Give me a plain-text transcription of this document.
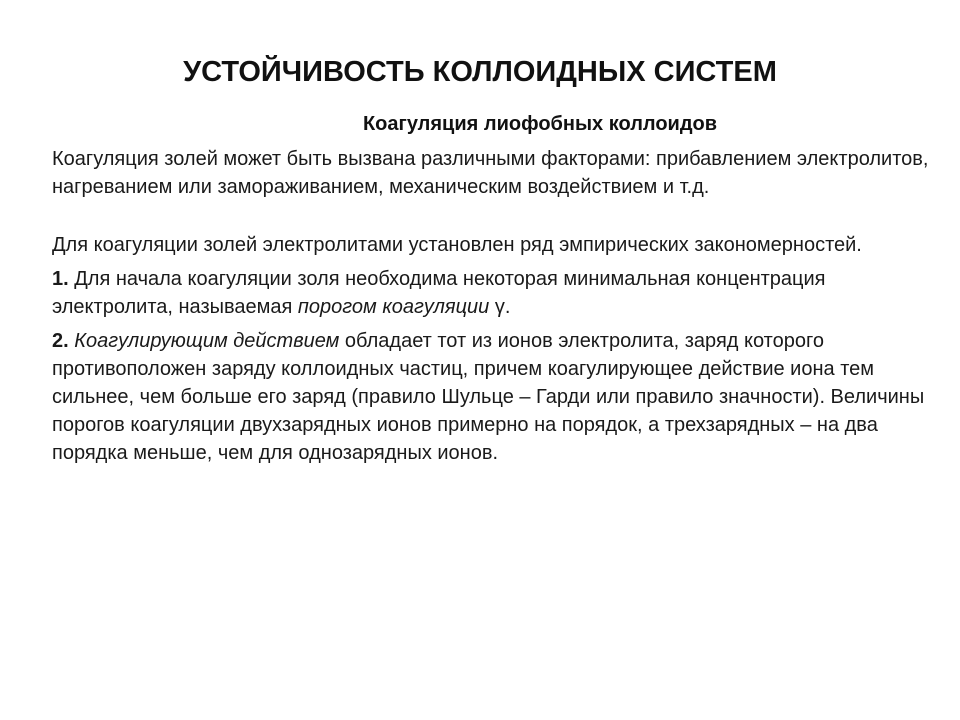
УСТОЙЧИВОСТЬ КОЛЛОИДНЫХ СИСТЕМ
Коагуляция лиофобных коллоидов

Коагуляция золей может быть вызвана различными факторами: прибавлением электролитов, нагреванием или замораживанием, механическим воздействием и т.д.

Для коагуляции золей электролитами установлен ряд эмпирических закономерностей.

1. Для начала коагуляции золя необходима некоторая минимальная концентрация электролита, называемая порогом коагуляции γ.

2. Коагулирующим действием обладает тот из ионов электролита, заряд которого противоположен заряду коллоидных частиц, причем коагулирующее действие иона тем сильнее, чем больше его заряд (правило Шульце – Гарди или правило значности). Величины порогов коагуляции двухзарядных ионов примерно на порядок, а трехзарядных – на два порядка меньше, чем для однозарядных ионов.
